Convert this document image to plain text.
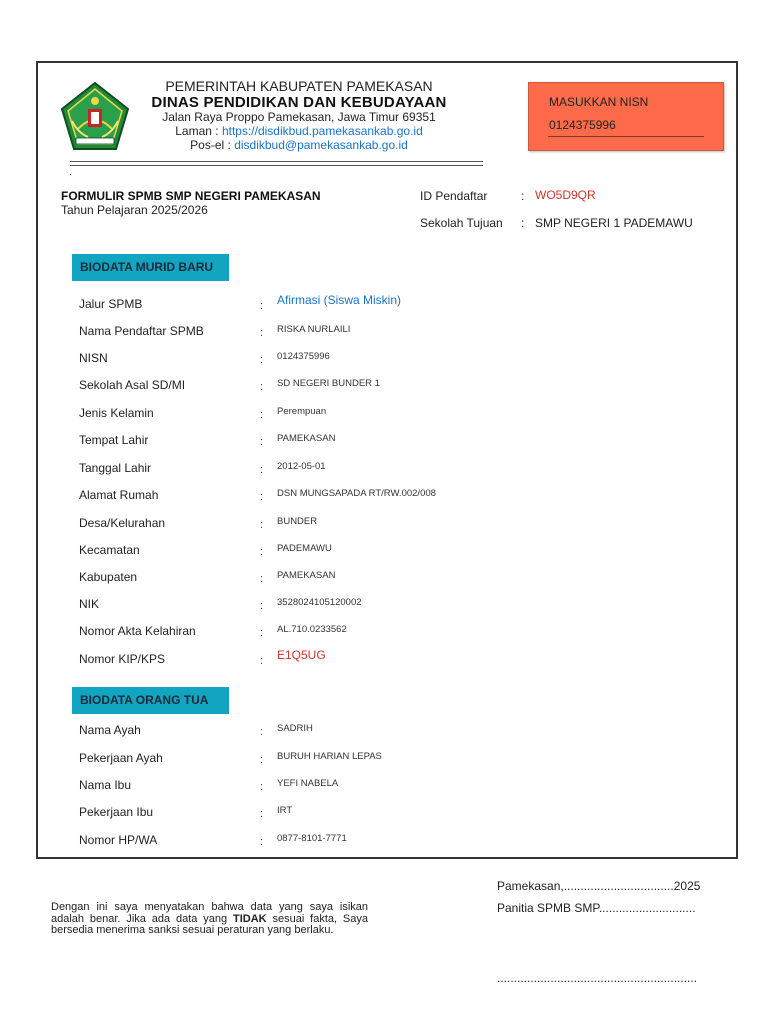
PEMERINTAH KABUPATEN PAMEKASAN
DINAS PENDIDIKAN DAN KEBUDAYAAN
Jalan Raya Proppo Pamekasan, Jawa Timur 69351
Laman : https://disdikbud.pamekasankab.go.id
Pos-el : disdikbud@pamekasankab.go.id
.
MASUKKAN NISN
0124375996
FORMULIR SPMB SMP NEGERI PAMEKASAN
Tahun Pelajaran 2025/2026
ID Pendaftar	: WO5D9QR
Sekolah Tujuan : SMP NEGERI 1 PADEMAWU
BIODATA MURID BARU
Jalur SPMB	: Afirmasi (Siswa Miskin)
Nama Pendaftar SPMB	: RISKA NURLAILI
NISN	: 0124375996
Sekolah Asal SD/MI	: SD NEGERI BUNDER 1
Jenis Kelamin	: Perempuan
Tempat Lahir	: PAMEKASAN
Tanggal Lahir	: 2012-05-01
Alamat Rumah	: DSN MUNGSAPADA RT/RW.002/008
Desa/Kelurahan	: BUNDER
Kecamatan	: PADEMAWU
Kabupaten	: PAMEKASAN
NIK	: 3528024105120002
Nomor Akta Kelahiran	: AL.710.0233562
Nomor KIP/KPS	: E1Q5UG
BIODATA ORANG TUA
Nama Ayah	: SADRIH
Pekerjaan Ayah	: BURUH HARIAN LEPAS
Nama Ibu	: YEFI NABELA
Pekerjaan Ibu	: IRT
Nomor HP/WA	: 0877-8101-7771
Dengan ini saya menyatakan bahwa data yang saya isikan adalah benar. Jika ada data yang TIDAK sesuai fakta, Saya bersedia menerima sanksi sesuai peraturan yang berlaku.
Pamekasan,.................................2025
Panitia SPMB SMP.............................
............................................................
